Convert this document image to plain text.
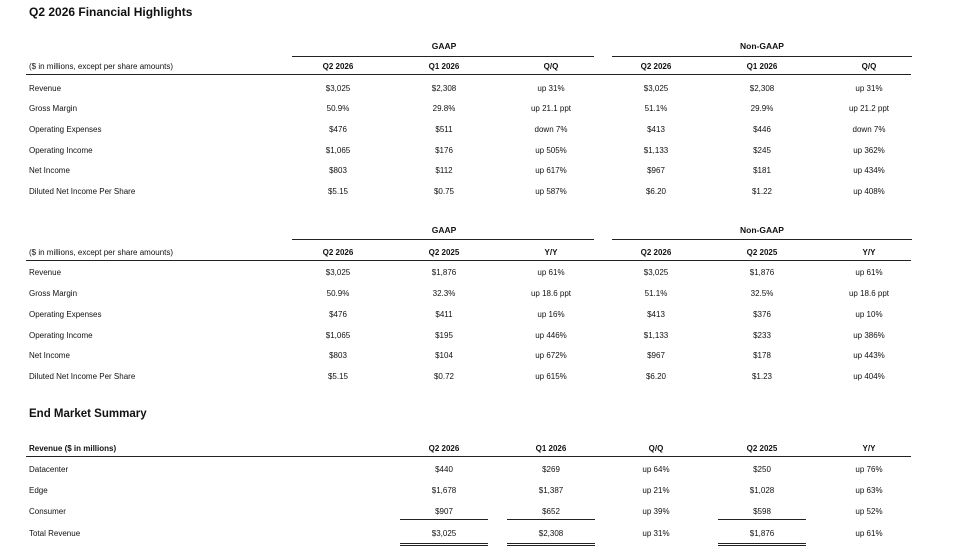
Q2 2026 Financial Highlights
GAAP	Non-GAAP
($ in millions, except per share amounts)	Q2 2026	Q1 2026	Q/Q	Q2 2026	Q1 2026	Q/Q
Revenue	$3,025	$2,308	up 31%	$3,025	$2,308	up 31%
Gross Margin	50.9%	29.8%	up 21.1 ppt	51.1%	29.9%	up 21.2 ppt
Operating Expenses	$476	$511	down 7%	$413	$446	down 7%
Operating Income	$1,065	$176	up 505%	$1,133	$245	up 362%
Net Income	$803	$112	up 617%	$967	$181	up 434%
Diluted Net Income Per Share	$5.15	$0.75	up 587%	$6.20	$1.22	up 408%
GAAP	Non-GAAP
($ in millions, except per share amounts)	Q2 2026	Q2 2025	Y/Y	Q2 2026	Q2 2025	Y/Y
Revenue	$3,025	$1,876	up 61%	$3,025	$1,876	up 61%
Gross Margin	50.9%	32.3%	up 18.6 ppt	51.1%	32.5%	up 18.6 ppt
Operating Expenses	$476	$411	up 16%	$413	$376	up 10%
Operating Income	$1,065	$195	up 446%	$1,133	$233	up 386%
Net Income	$803	$104	up 672%	$967	$178	up 443%
Diluted Net Income Per Share	$5.15	$0.72	up 615%	$6.20	$1.23	up 404%
End Market Summary
Revenue ($ in millions)	Q2 2026	Q1 2026	Q/Q	Q2 2025	Y/Y
Datacenter	$440	$269	up 64%	$250	up 76%
Edge	$1,678	$1,387	up 21%	$1,028	up 63%
Consumer	$907	$652	up 39%	$598	up 52%
Total Revenue	$3,025	$2,308	up 31%	$1,876	up 61%
